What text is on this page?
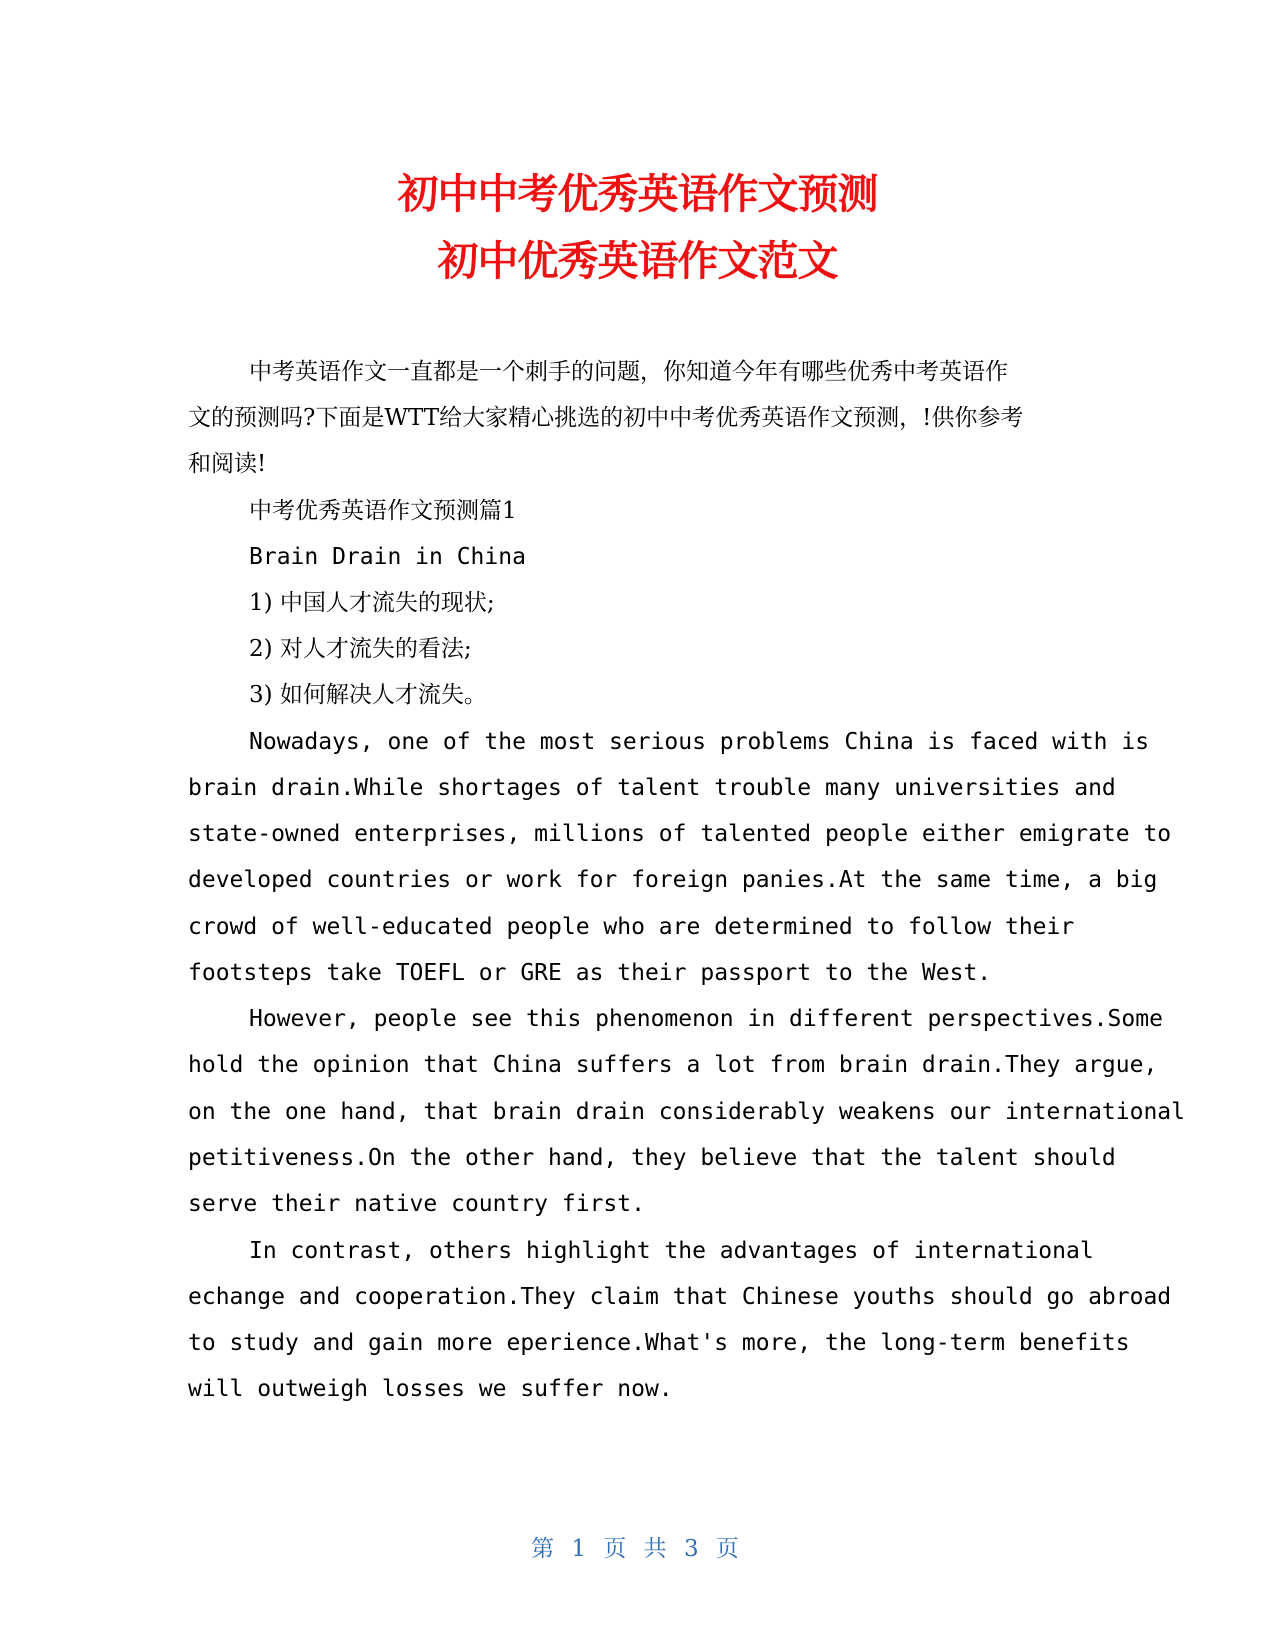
初中中考优秀英语作文预测
初中优秀英语作文范文

中考英语作文一直都是一个刺手的问题，你知道今年有哪些优秀中考英语作

文的预测吗?下面是WTT给大家精心挑选的初中中考优秀英语作文预测，!供你参考

和阅读!

中考优秀英语作文预测篇1

Brain Drain in China

1) 中国人才流失的现状;

2) 对人才流失的看法;

3) 如何解决人才流失。

Nowadays, one of the most serious problems China is faced with is

brain drain.While shortages of talent trouble many universities and

state-owned enterprises, millions of talented people either emigrate to

developed countries or work for foreign panies.At the same time, a big

crowd of well-educated people who are determined to follow their

footsteps take TOEFL or GRE as their passport to the West.

However, people see this phenomenon in different perspectives.Some

hold the opinion that China suffers a lot from brain drain.They argue,

on the one hand, that brain drain considerably weakens our international

petitiveness.On the other hand, they believe that the talent should

serve their native country first.

In contrast, others highlight the advantages of international

echange and cooperation.They claim that Chinese youths should go abroad

to study and gain more eperience.What's more, the long-term benefits

will outweigh losses we suffer now.

第 1 页 共 3 页
